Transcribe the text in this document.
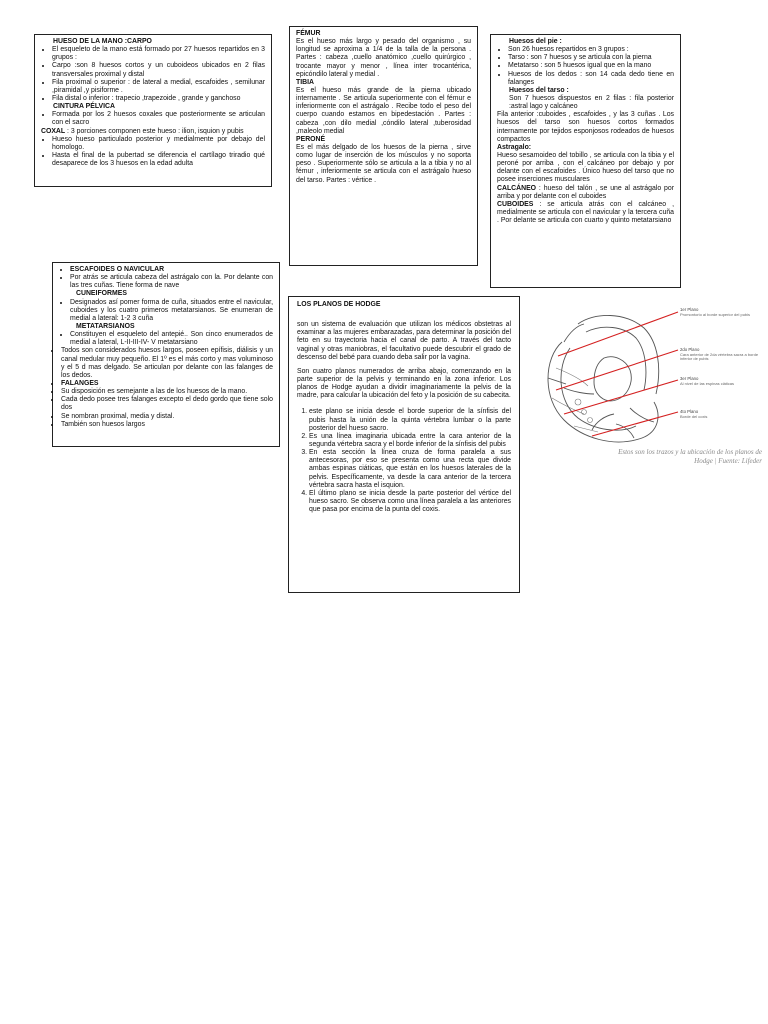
HUESO DE LA MANO :CARPO
• El esqueleto de la mano está formado por 27 huesos repartidos en 3 grupos :
• Carpo :son 8 huesos cortos y un cuboideos ubicados en 2 filas transversales proximal y distal
• Fila proximal o superior : de lateral a medial, escafoides , semilunar ,piramidal ,y pisiforme .
• Fila distal o inferior : trapecio ,trapezoide , grande y ganchoso
CINTURA PÉLVICA
• Formada por los 2 huesos coxales que posteriormente se articulan con el sacro

COXAL : 3 porciones componen este hueso : ilion, isquion y pubis

• Hueso hueso particulado posterior y medialmente por debajo del homologo.
• Hasta el final de la pubertad se diferencia el cartílago triradio qué desaparece de los 3 huesos en la edad adulta
FÉMUR

Es el hueso más largo y pesado del organismo , su longitud se aproxima a 1/4 de la talla de la persona . Partes : cabeza ,cuello anatómico ,cuello quirúrgico , trocante mayor y menor , línea inter trocantérica, epicóndilo lateral y medial .

TIBIA

Es el hueso más grande de la pierna ubicado internamente . Se articula superiormente con el fémur e inferiormente con el astrágalo . Recibe todo el peso del cuerpo cuando estamos en bipedestación . Partes : cabeza ,con dilo medial ,cóndilo lateral ,tuberosidad ,maleolo medial

PERONÉ

Es el más delgado de los huesos de la pierna , sirve como lugar de inserción de los músculos y no soporta peso . Superiormente sólo se articula a la a tibia y no al fémur , inferiormente se articula con el astrágalo hueso del tarso. Partes : vértice .

Huesos del pie :
• Son 26 huesos repartidos en 3 grupos :
• Tarso : son 7 huesos y se articula con la pierna
• Metatarso : son 5 huesos igual que en la mano
• Huesos de los dedos : son 14 cada dedo tiene en falanges
Huesos del tarso :

Son 7 huesos dispuestos en 2 filas : fila posterior :astral lago y calcáneo

Fila anterior :cuboides , escafoides , y las 3 cuñas . Los huesos del tarso son huesos cortos formados internamente por tejidos esponjosos rodeados de huesos compactos

Astragalo:

Hueso sesamoideo del tobillo , se articula con la tibia y el peroné por arriba , con el calcáneo por debajo y por delante con el escafoides . Único hueso del tarso que no posee inserciones musculares

CALCÁNEO : hueso del talón , se une al astrágalo por arriba y por delante con el cuboides

CUBOIDES : se articula atrás con el calcáneo , medialmente se articula con el navicular y la tercera cuña . Por delante se articula con cuarto y quinto metatarsiano

• ESCAFOIDES O NAVICULAR
• Por atrás se articula cabeza del astrágalo con la. Por delante con las tres cuñas. Tiene forma de nave
CUNEIFORMES
• Designados así pomer forma de cuña, situados entre el navicular, cuboides y los cuatro primeros metatarsianos. Se enumeran de medial a lateral: 1-2 3 cuña
METATARSIANOS
• Constituyen el esqueleto del antepié.. Son cinco enumerados de medial a lateral, L-II-III-IV- V metatarsiano
• Todos son considerados huesos largos, poseen epífisis, diálisis y un canal medular muy pequeño. El 1º es el más corto y mas voluminoso y el 5 d mas delgado. Se articulan por delante con las falanges de los dedos.
• FALANGES
• Su disposición es semejante a las de los huesos de la mano.
• Cada dedo posee tres falanges excepto el dedo gordo que tiene solo dos
• Se nombran proximal, media y distal.
• También son huesos largos
LOS PLANOS DE HODGE

son un sistema de evaluación que utilizan los médicos obstetras al examinar a las mujeres embarazadas, para determinar la posición del feto en su trayectoria hacia el canal de parto. A través del tacto vaginal y otras maniobras, el facultativo puede descubrir el grado de descenso del bebé para cuando deba salir por la vagina.

Son cuatro planos numerados de arriba abajo, comenzando en la parte superior de la pelvis y terminando en la zona inferior. Los planos de Hodge ayudan a dividir imaginariamente la pelvis de la madre, para calcular la ubicación del feto y la posición de su cabecita.

1. este plano se inicia desde el borde superior de la sínfisis del pubis hasta la unión de la quinta vértebra lumbar o la parte posterior del hueso sacro.
2. Es una línea imaginaria ubicada entre la cara anterior de la segunda vértebra sacra y el borde inferior de la sínfisis del pubis
3. En esta sección la línea cruza de forma paralela a sus antecesoras, por eso se presenta como una recta que divide ambas espinas ciáticas, que están en los huesos laterales de la pelvis. Específicamente, va desde la cara anterior de la tercera vértebra sacra hasta el isquion.
4. El último plano se inicia desde la parte posterior del vértice del hueso sacro. Se observa como una línea paralela a las anteriores que pasa por encima de la punta del coxis.
1er Plano
Promontorio al borde superior del pubis
2do Plano
Cara anterior de 2da vértebra sacra a borde inferior de pubis
3er Plano
Al nivel de las espinas ciáticas
4to Plano
Borde del coxis
Estos son los trazos y la ubicación de los planos de
Hodge | Fuente: Lifeder
